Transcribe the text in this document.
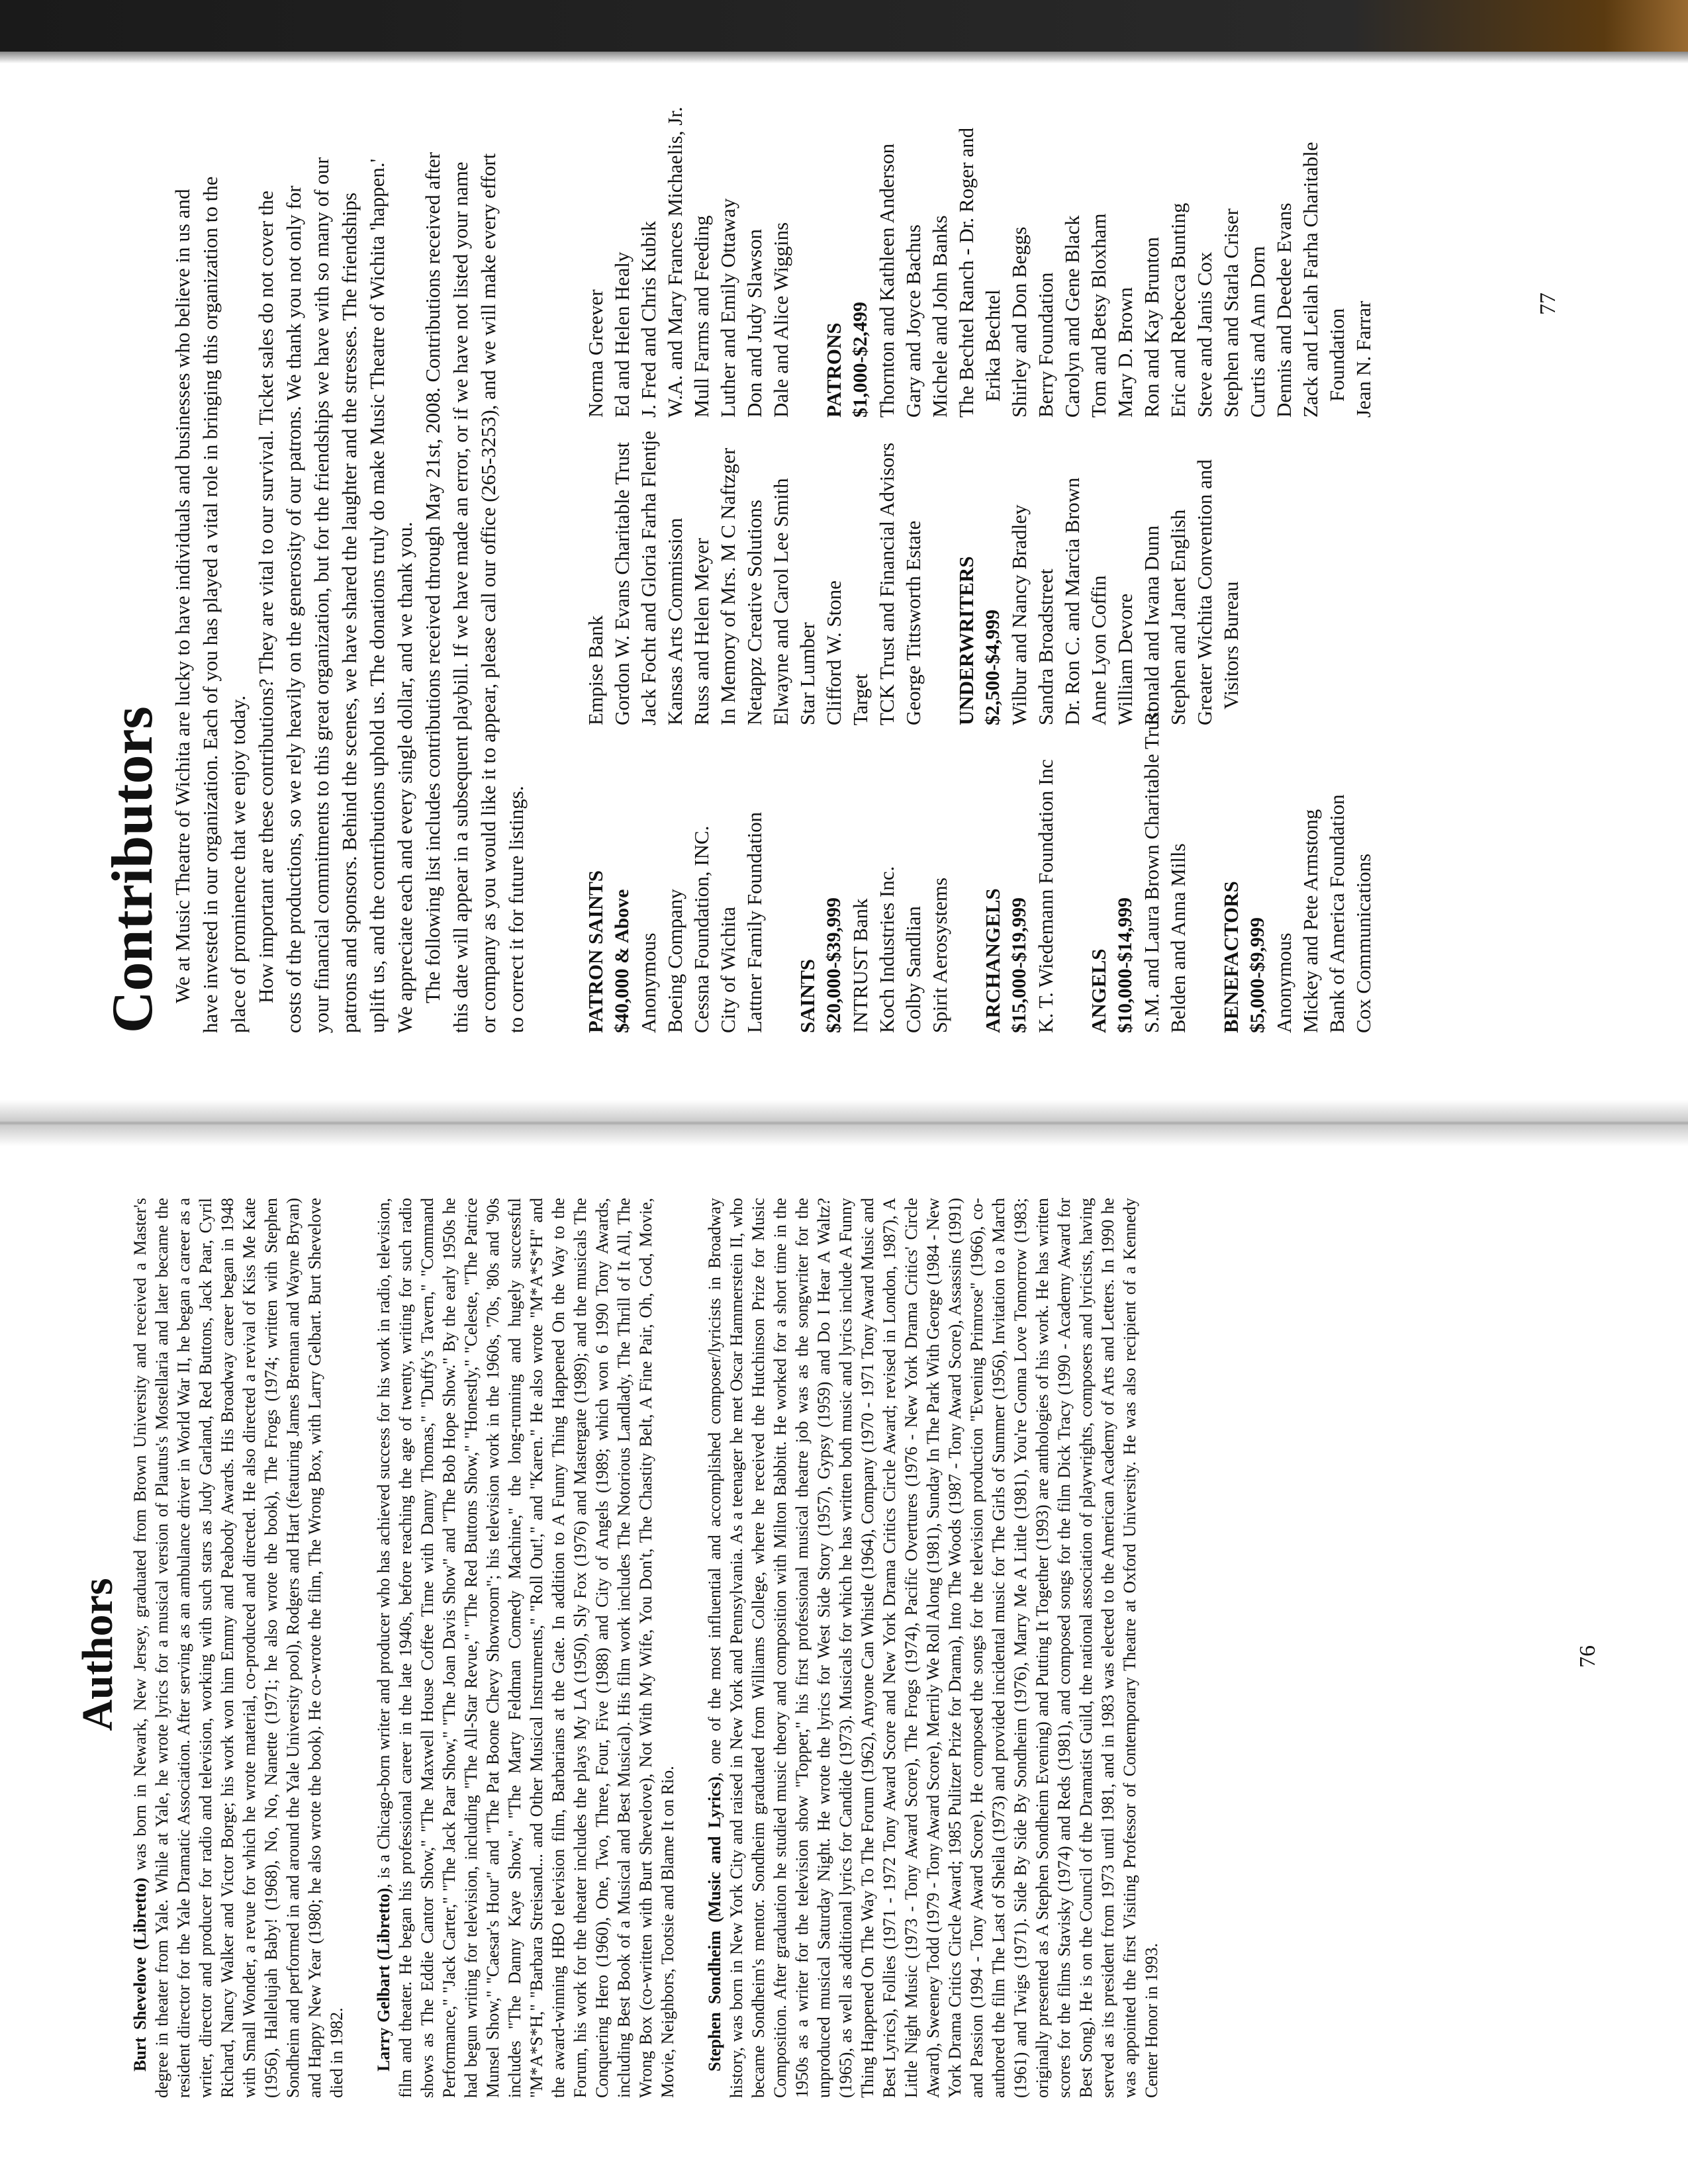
Contributors We at Music Theatre of Wichita are lucky to have individuals and businesses who believe in us and have invested in our organization. Each of you has played a vital role in bringing this organization to the place of prominence that we enjoy today. How important are these contributions? They are vital to our survival. Ticket sales do not cover the costs of the productions, so we rely heavily on the generosity of our patrons. We thank you not only for your financial commitments to this great organization, but for the friendships we have with so many of our patrons and sponsors. Behind the scenes, we have shared the laughter and the stresses. The friendships uplift us, and the contributions uphold us. The donations truly do make Music Theatre of Wichita 'happen.' We appreciate each and every single dollar, and we thank you. The following list includes contributions received through May 21st, 2008. Contributions received after this date will appear in a subsequent playbill. If we have made an error, or if we have not listed your name or company as you would like it to appear, please call our office (265-3253), and we will make every effort to correct it for future listings.	PATRON SAINTS $40,000 & Above Anonymous Boeing Company Cessna Foundation, INC. City of Wichita Lattner Family Foundation SAINTS $20,000-$39,999 INTRUST Bank Koch Industries Inc. Colby Sandlian Spirit Aerosystems ARCHANGELS $15,000-$19,999 K. T. Wiedemann Foundation Inc ANGELS $10,000-$14,999 S.M. and Laura Brown Charitable Trust Belden and Anna Mills BENEFACTORS $5,000-$9,999 Anonymous Mickey and Pete Armstong Bank of America Foundation Cox Communications
Empise Bank Gordon W. Evans Charitable Trust Jack Focht and Gloria Farha Flentje Kansas Arts Commission Russ and Helen Meyer In Memory of Mrs. M C Naftzger Netappz Creative Solutions Elwayne and Carol Lee Smith Star Lumber Clifford W. Stone Target TCK Trust and Financial Advisors George Tittsworth Estate UNDERWRITERS $2,500-$4,999 Wilbur and Nancy Bradley Sandra Broadstreet Dr. Ron C. and Marcia Brown Anne Lyon Coffin William Devore Ronald and Iwana Dunn Stephen and Janet English Greater Wichita Convention and Visitors Bureau
Norma Greever Ed and Helen Healy J. Fred and Chris Kubik W.A. and Mary Frances Michaelis, Jr. Mull Farms and Feeding Luther and Emily Ottaway Don and Judy Slawson Dale and Alice Wiggins PATRONS $1,000-$2,499 Thornton and Kathleen Anderson Gary and Joyce Bachus Michele and John Banks The Bechtel Ranch - Dr. Roger and Erika Bechtel Shirley and Don Beggs Berry Foundation Carolyn and Gene Black Tom and Betsy Bloxham Mary D. Brown Ron and Kay Brunton Eric and Rebecca Bunting Steve and Janis Cox Stephen and Starla Criser Curtis and Ann Dorn Dennis and Deedee Evans Zack and Leilah Farha Charitable Foundation Jean N. Farrar	77
Authors

Burt Shevelove (Libretto) was born in Newark, New Jersey, graduated from Brown University and received a Master's degree in theater from Yale. While at Yale, he wrote lyrics for a musical version of Plautus's Mostellaria and later became the resident director for the Yale Dramatic Association. After serving as an ambulance driver in World War II, he began a career as a writer, director and producer for radio and television, working with such stars as Judy Garland, Red Buttons, Jack Paar, Cyril Richard, Nancy Walker and Victor Borge; his work won him Emmy and Peabody Awards. His Broadway career began in 1948 with Small Wonder, a revue for which he wrote material, co-produced and directed. He also directed a revival of Kiss Me Kate (1956), Hallelujah Baby! (1968), No, No, Nanette (1971; he also wrote the book), The Frogs (1974; written with Stephen Sondheim and performed in and around the Yale University pool), Rodgers and Hart (featuring James Brennan and Wayne Bryan) and Happy New Year (1980; he also wrote the book). He co-wrote the film, The Wrong Box, with Larry Gelbart. Burt Shevelove died in 1982. Larry Gelbart (Libretto), is a Chicago-born writer and producer who has achieved success for his work in radio, television, film and theater. He began his professional career in the late 1940s, before reaching the age of twenty, writing for such radio shows as The Eddie Cantor Show," "The Maxwell House Coffee Time with Danny Thomas," "Duffy's Tavern," "Command Performance," "Jack Carter," "The Jack Paar Show," "The Joan Davis Show" and "The Bob Hope Show." By the early 1950s he had begun writing for television, including "The All-Star Revue," "The Red Buttons Show," "Honestly," "Celeste, "The Patrice Munsel Show," "Caesar's Hour" and "The Pat Boone Chevy Showroom"; his television work in the 1960s, '70s, '80s and '90s includes "The Danny Kaye Show," "The Marty Feldman Comedy Machine," the long-running and hugely successful "M*A*S*H," "Barbara Streisand... and Other Musical Instruments," "Roll Out!," and "Karen." He also wrote "M*A*S*H" and the award-winning HBO television film, Barbarians at the Gate. In addition to A Funny Thing Happened On the Way to the Forum, his work for the theater includes the plays My LA (1950), Sly Fox (1976) and Mastergate (1989); and the musicals The Conquering Hero (1960), One, Two, Three, Four, Five (1988) and City of Angels (1989; which won 6 1990 Tony Awards, including Best Book of a Musical and Best Musical). His film work includes The Notorious Landlady, The Thrill of It All, The Wrong Box (co-written with Burt Shevelove), Not With My Wife, You Don't, The Chastity Belt, A Fine Pair, Oh, God, Movie, Movie, Neighbors, Tootsie and Blame It on Rio. Stephen Sondheim (Music and Lyrics), one of the most influential and accomplished composer/lyricists in Broadway history, was born in New York City and raised in New York and Pennsylvania. As a teenager he met Oscar Hammerstein II, who became Sondheim's mentor. Sondheim graduated from Williams College, where he received the Hutchinson Prize for Music Composition. After graduation he studied music theory and composition with Milton Babbitt. He worked for a short time in the 1950s as a writer for the television show "Topper," his first professional musical theatre job was as the songwriter for the unproduced musical Saturday Night. He wrote the lyrics for West Side Story (1957), Gypsy (1959) and Do I Hear A Waltz? (1965), as well as additional lyrics for Candide (1973). Musicals for which he has written both music and lyrics include A Funny Thing Happened On The Way To The Forum (1962), Anyone Can Whistle (1964), Company (1970 - 1971 Tony Award Music and Best Lyrics), Follies (1971 - 1972 Tony Award Score and New York Drama Critics Circle Award; revised in London, 1987), A Little Night Music (1973 - Tony Award Score), The Frogs (1974), Pacific Overtures (1976 - New York Drama Critics' Circle Award), Sweeney Todd (1979 - Tony Award Score), Merrily We Roll Along (1981), Sunday In The Park With George (1984 - New York Drama Critics Circle Award; 1985 Pulitzer Prize for Drama), Into The Woods (1987 - Tony Award Score), Assassins (1991) and Passion (1994 - Tony Award Score). He composed the songs for the television production "Evening Primrose" (1966), co-authored the film The Last of Sheila (1973) and provided incidental music for The Girls of Summer (1956), Invitation to a March (1961) and Twigs (1971). Side By Side By Sondheim (1976), Marry Me A Little (1981), You're Gonna Love Tomorrow (1983; originally presented as A Stephen Sondheim Evening) and Putting It Together (1993) are anthologies of his work. He has written scores for the films Stavisky (1974) and Reds (1981), and composed songs for the film Dick Tracy (1990 - Academy Award for Best Song). He is on the Council of the Dramatist Guild, the national association of playwrights, composers and lyricists, having served as its president from 1973 until 1981, and in 1983 was elected to the American Academy of Arts and Letters. In 1990 he was appointed the first Visiting Professor of Contemporary Theatre at Oxford University. He was also recipient of a Kennedy Center Honor in 1993.

76
